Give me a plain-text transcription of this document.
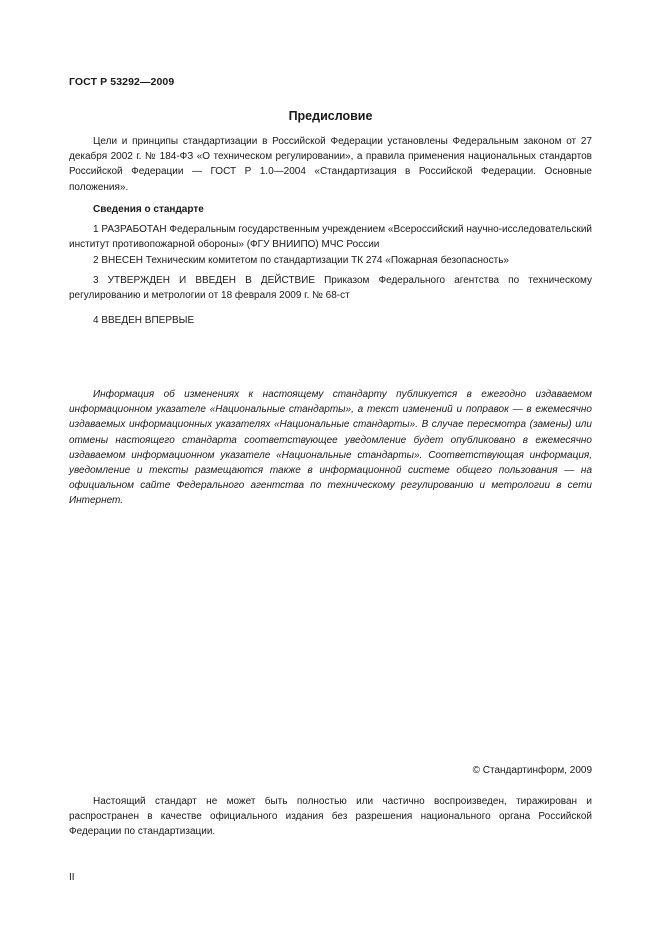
ГОСТ Р 53292—2009
Предисловие

Цели и принципы стандартизации в Российской Федерации установлены Федеральным законом от 27 декабря 2002 г. № 184-ФЗ «О техническом регулировании», а правила применения национальных стандартов Российской Федерации — ГОСТ Р 1.0—2004 «Стандартизация в Российской Федерации. Основные положения».

Сведения о стандарте

1 РАЗРАБОТАН Федеральным государственным учреждением «Всероссийский научно-исследовательский институт противопожарной обороны» (ФГУ ВНИИПО) МЧС России

2 ВНЕСЕН Техническим комитетом по стандартизации ТК 274 «Пожарная безопасность»

3 УТВЕРЖДЕН И ВВЕДЕН В ДЕЙСТВИЕ Приказом Федерального агентства по техническому регулированию и метрологии от 18 февраля 2009 г. № 68-ст

4 ВВЕДЕН ВПЕРВЫЕ

Информация об изменениях к настоящему стандарту публикуется в ежегодно издаваемом информационном указателе «Национальные стандарты», а текст изменений и поправок — в ежемесячно издаваемых информационных указателях «Национальные стандарты». В случае пересмотра (замены) или отмены настоящего стандарта соответствующее уведомление будет опубликовано в ежемесячно издаваемом информационном указателе «Национальные стандарты». Соответствующая информация, уведомление и тексты размещаются также в информационной системе общего пользования — на официальном сайте Федерального агентства по техническому регулированию и метрологии в сети Интернет.

© Стандартинформ, 2009

Настоящий стандарт не может быть полностью или частично воспроизведен, тиражирован и распространен в качестве официального издания без разрешения национального органа Российской Федерации по стандартизации.

II
